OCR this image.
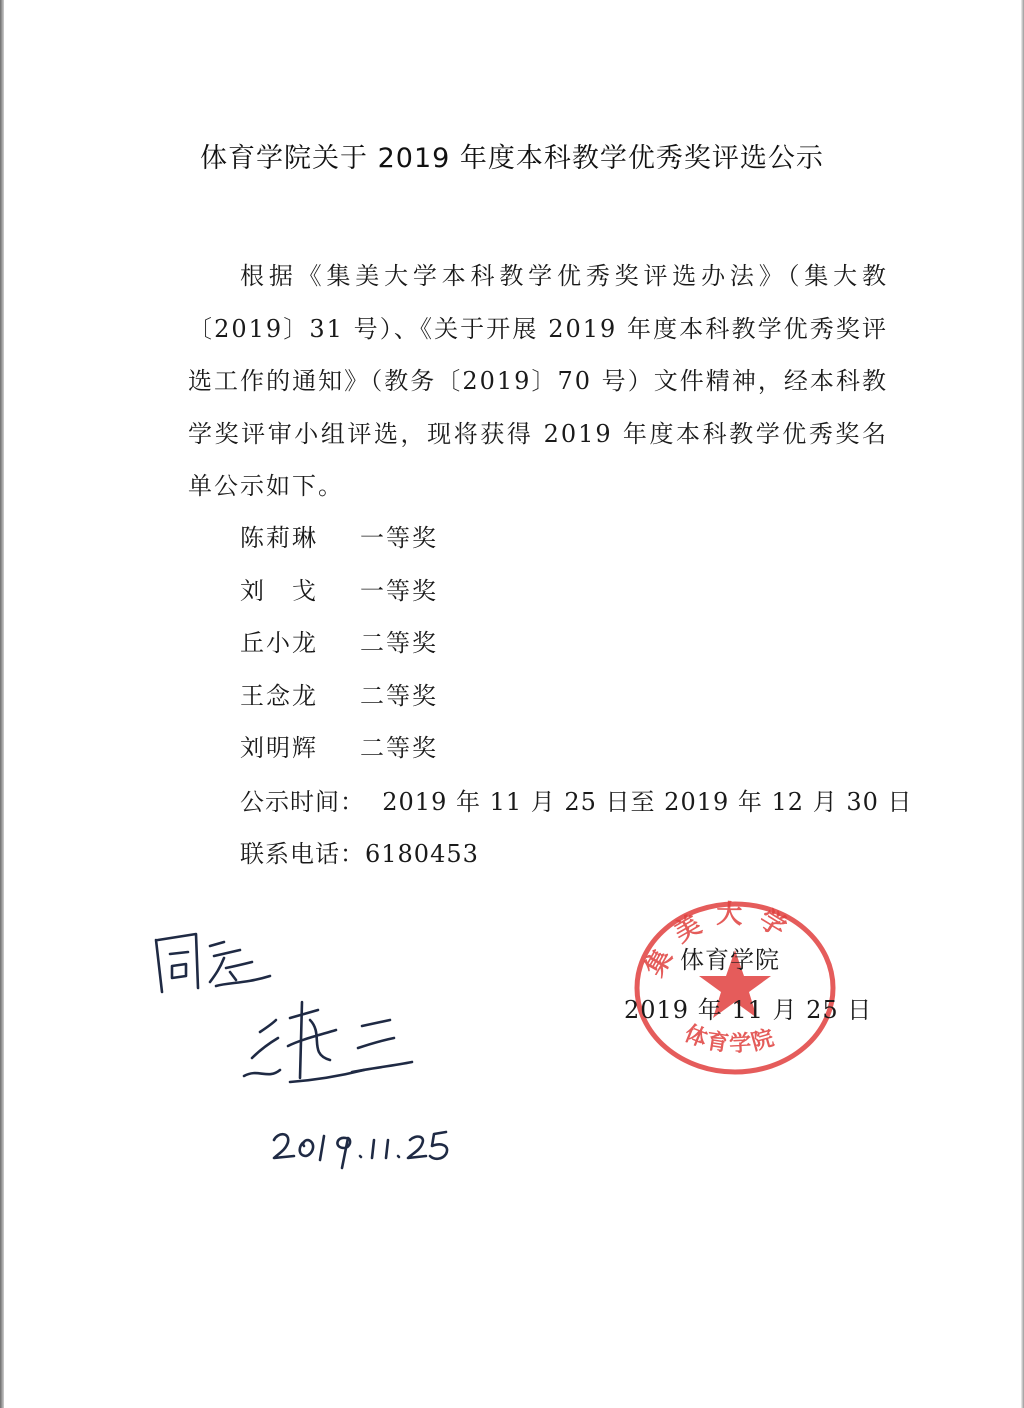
体育学院关于 2019 年度本科教学优秀奖评选公示

根据《集美大学本科教学优秀奖评选办法》（集大教〔2019〕31 号）、《关于开展 2019 年度本科教学优秀奖评选工作的通知》（教务〔2019〕70 号）文件精神，经本科教学奖评审小组评选，现将获得 2019 年度本科教学优秀奖名单公示如下。

陈莉琳	一等奖
刘　戈	一等奖
丘小龙	二等奖
王念龙	二等奖
刘明辉	二等奖
公示时间：  2019 年 11 月 25 日至 2019 年 12 月 30 日
联系电话：6180453
集美大学
体育学院
体育学院
2019 年 11 月 25 日
